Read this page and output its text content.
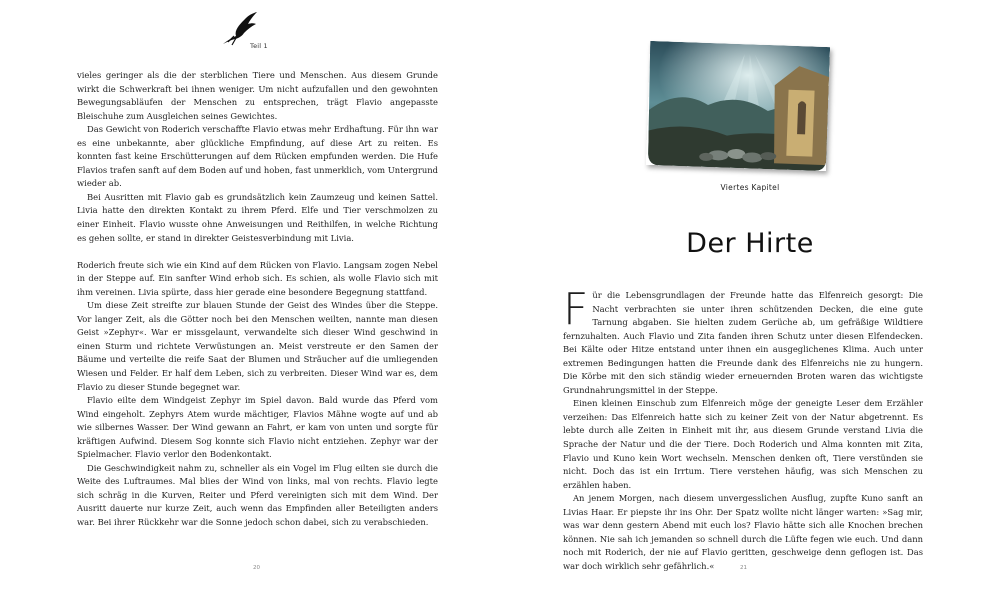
Teil 1

vieles geringer als die der sterblichen Tiere und Menschen. Aus diesem Grunde wirkt die Schwerkraft bei ihnen weniger. Um nicht aufzufallen und den gewohnten Bewegungsabläufen der Menschen zu entsprechen, trägt Flavio angepasste Bleischuhe zum Ausgleichen seines Gewichtes.

Das Gewicht von Roderich verschaffte Flavio etwas mehr Erdhaftung. Für ihn war es eine unbekannte, aber glückliche Empfindung, auf diese Art zu reiten. Es konnten fast keine Erschütterungen auf dem Rücken empfunden werden. Die Hufe Flavios trafen sanft auf dem Boden auf und hoben, fast unmerklich, vom Untergrund wieder ab.

Bei Ausritten mit Flavio gab es grundsätzlich kein Zaumzeug und keinen Sattel. Livia hatte den direkten Kontakt zu ihrem Pferd. Elfe und Tier verschmolzen zu einer Einheit. Flavio wusste ohne Anweisungen und Reithilfen, in welche Richtung es gehen sollte, er stand in direkter Geistesverbindung mit Livia.

Roderich freute sich wie ein Kind auf dem Rücken von Flavio. Langsam zogen Nebel in der Steppe auf. Ein sanfter Wind erhob sich. Es schien, als wolle Flavio sich mit ihm vereinen. Livia spürte, dass hier gerade eine besondere Begegnung stattfand.

Um diese Zeit streifte zur blauen Stunde der Geist des Windes über die Steppe. Vor langer Zeit, als die Götter noch bei den Menschen weilten, nannte man diesen Geist »Zephyr«. War er missgelaunt, verwandelte sich dieser Wind geschwind in einen Sturm und richtete Verwüstungen an. Meist verstreute er den Samen der Bäume und verteilte die reife Saat der Blumen und Sträucher auf die umliegenden Wiesen und Felder. Er half dem Leben, sich zu verbreiten. Dieser Wind war es, dem Flavio zu dieser Stunde begegnet war.

Flavio eilte dem Windgeist Zephyr im Spiel davon. Bald wurde das Pferd vom Wind eingeholt. Zephyrs Atem wurde mächtiger, Flavios Mähne wogte auf und ab wie silbernes Wasser. Der Wind gewann an Fahrt, er kam von unten und sorgte für kräftigen Aufwind. Diesem Sog konnte sich Flavio nicht entziehen. Zephyr war der Spielmacher. Flavio verlor den Bodenkontakt.

Die Geschwindigkeit nahm zu, schneller als ein Vogel im Flug eilten sie durch die Weite des Luftraumes. Mal blies der Wind von links, mal von rechts. Flavio legte sich schräg in die Kurven, Reiter und Pferd vereinigten sich mit dem Wind. Der Ausritt dauerte nur kurze Zeit, auch wenn das Empfinden aller Beteiligten anders war. Bei ihrer Rückkehr war die Sonne jedoch schon dabei, sich zu verabschieden.

20
Viertes Kapitel
Der Hirte

Für die Lebensgrundlagen der Freunde hatte das Elfenreich gesorgt: Die Nacht verbrachten sie unter ihren schützenden Decken, die eine gute Tarnung abgaben. Sie hielten zudem Gerüche ab, um gefräßige Wildtiere fernzuhalten. Auch Flavio und Zita fanden ihren Schutz unter diesen Elfendecken. Bei Kälte oder Hitze entstand unter ihnen ein ausgeglichenes Klima. Auch unter extremen Bedingungen hatten die Freunde dank des Elfenreichs nie zu hungern. Die Körbe mit den sich ständig wieder erneuernden Broten waren das wichtigste Grundnahrungsmittel in der Steppe.

Einen kleinen Einschub zum Elfenreich möge der geneigte Leser dem Erzähler verzeihen: Das Elfenreich hatte sich zu keiner Zeit von der Natur abgetrennt. Es lebte durch alle Zeiten in Einheit mit ihr, aus diesem Grunde verstand Livia die Sprache der Natur und die der Tiere. Doch Roderich und Alma konnten mit Zita, Flavio und Kuno kein Wort wechseln. Menschen denken oft, Tiere verstünden sie nicht. Doch das ist ein Irrtum. Tiere verstehen häufig, was sich Menschen zu erzählen haben.

An jenem Morgen, nach diesem unvergesslichen Ausflug, zupfte Kuno sanft an Livias Haar. Er piepste ihr ins Ohr. Der Spatz wollte nicht länger warten: »Sag mir, was war denn gestern Abend mit euch los? Flavio hätte sich alle Knochen brechen können. Nie sah ich jemanden so schnell durch die Lüfte fegen wie euch. Und dann noch mit Roderich, der nie auf Flavio geritten, geschweige denn geflogen ist. Das war doch wirklich sehr gefährlich.«	21
